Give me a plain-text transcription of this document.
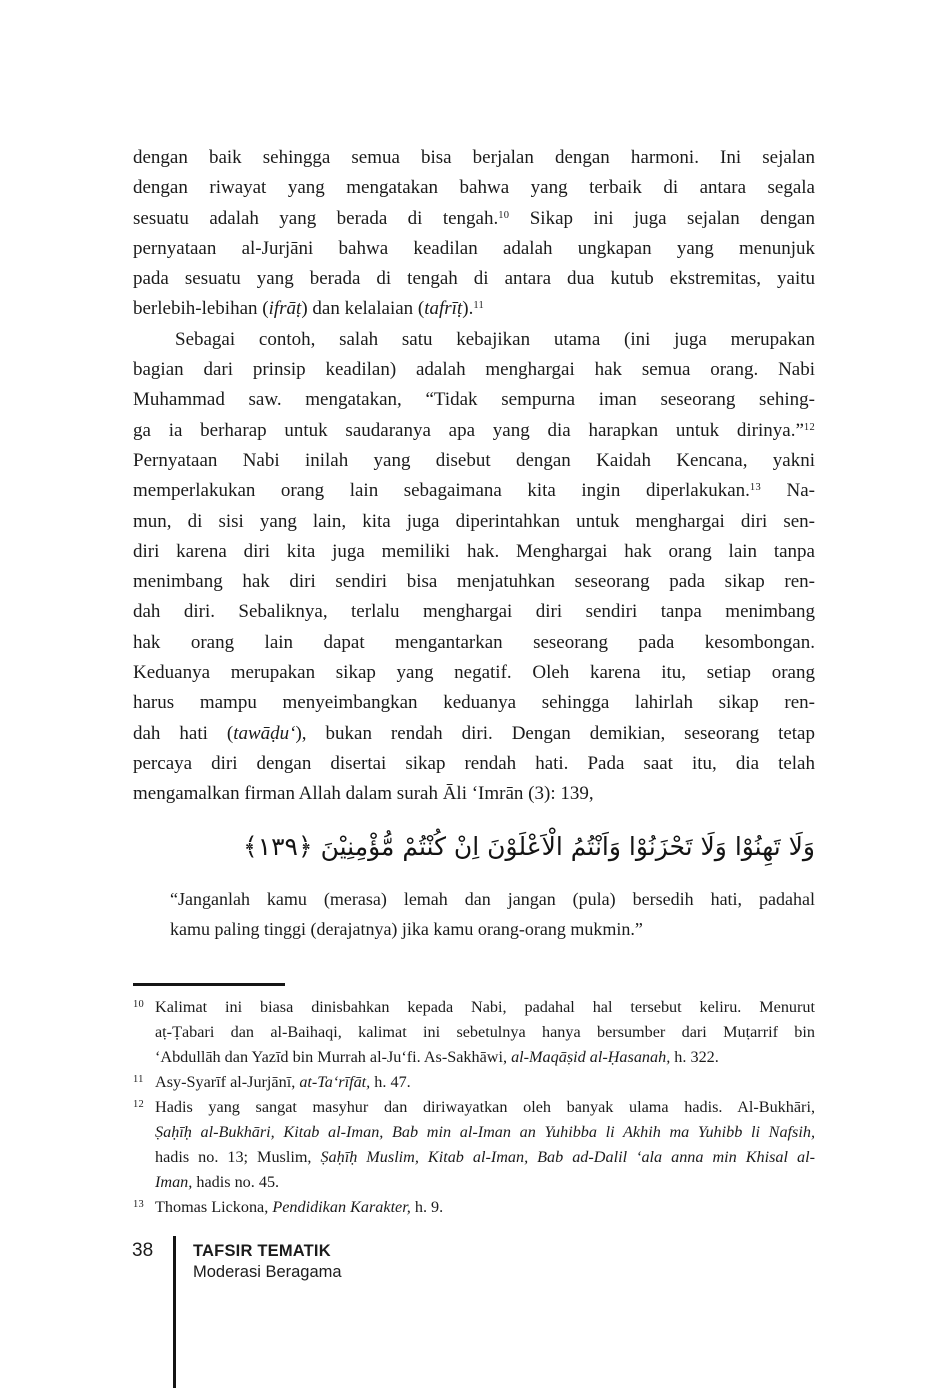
dengan baik sehingga semua bisa berjalan dengan harmoni. Ini sejalan
dengan riwayat yang mengatakan bahwa yang terbaik di antara segala
sesuatu adalah yang berada di tengah.$^{10}$ Sikap ini juga sejalan dengan
pernyataan al-Jurjāni bahwa keadilan adalah ungkapan yang menunjuk
pada sesuatu yang berada di tengah di antara dua kutub ekstremitas, yaitu
berlebih-lebihan (ifrāṭ) dan kelalaian (tafrīṭ).$^{11}$
Sebagai contoh, salah satu kebajikan utama (ini juga merupakan
bagian dari prinsip keadilan) adalah menghargai hak semua orang. Nabi
Muhammad saw. mengatakan, “Tidak sempurna iman seseorang sehing-
ga ia berharap untuk saudaranya apa yang dia harapkan untuk dirinya.”$^{12}$
Pernyataan Nabi inilah yang disebut dengan Kaidah Kencana, yakni
memperlakukan orang lain sebagaimana kita ingin diperlakukan.$^{13}$ Na-
mun, di sisi yang lain, kita juga diperintahkan untuk menghargai diri sen-
diri karena diri kita juga memiliki hak. Menghargai hak orang lain tanpa
menimbang hak diri sendiri bisa menjatuhkan seseorang pada sikap ren-
dah diri. Sebaliknya, terlalu menghargai diri sendiri tanpa menimbang
hak orang lain dapat mengantarkan seseorang pada kesombongan.
Keduanya merupakan sikap yang negatif. Oleh karena itu, setiap orang
harus mampu menyeimbangkan keduanya sehingga lahirlah sikap ren-
dah hati (tawāḍu‘), bukan rendah diri. Dengan demikian, seseorang tetap
percaya diri dengan disertai sikap rendah hati. Pada saat itu, dia telah
mengamalkan firman Allah dalam surah Āli ‘Imrān (3): 139,
وَلَا تَهِنُوْا وَلَا تَحْزَنُوْا وَاَنْتُمُ الْاَعْلَوْنَ اِنْ كُنْتُمْ مُّؤْمِنِيْنَ ﴿١٣٩﴾
“Janganlah kamu (merasa) lemah dan jangan (pula) bersedih hati, padahal
kamu paling tinggi (derajatnya) jika kamu orang-orang mukmin.”
10 Kalimat ini biasa dinisbahkan kepada Nabi, padahal hal tersebut keliru. Menurut
aṭ-Ṭabari dan al-Baihaqi, kalimat ini sebetulnya hanya bersumber dari Muṭarrif bin
‘Abdullāh dan Yazīd bin Murrah al-Ju‘fi. As-Sakhāwi, al-Maqāṣid al-Ḥasanah, h. 322.
11 Asy-Syarīf al-Jurjānī, at-Ta‘rīfāt, h. 47.
12 Hadis yang sangat masyhur dan diriwayatkan oleh banyak ulama hadis. Al-Bukhāri,
Ṣaḥīḥ al-Bukhāri, Kitab al-Iman, Bab min al-Iman an Yuhibba li Akhih ma Yuhibb li Nafsih,
hadis no. 13; Muslim, Ṣaḥīḥ Muslim, Kitab al-Iman, Bab ad-Dalil ‘ala anna min Khisal al-
Iman, hadis no. 45.
13 Thomas Lickona, Pendidikan Karakter, h. 9.
38 TAFSIR TEMATIK
Moderasi Beragama
